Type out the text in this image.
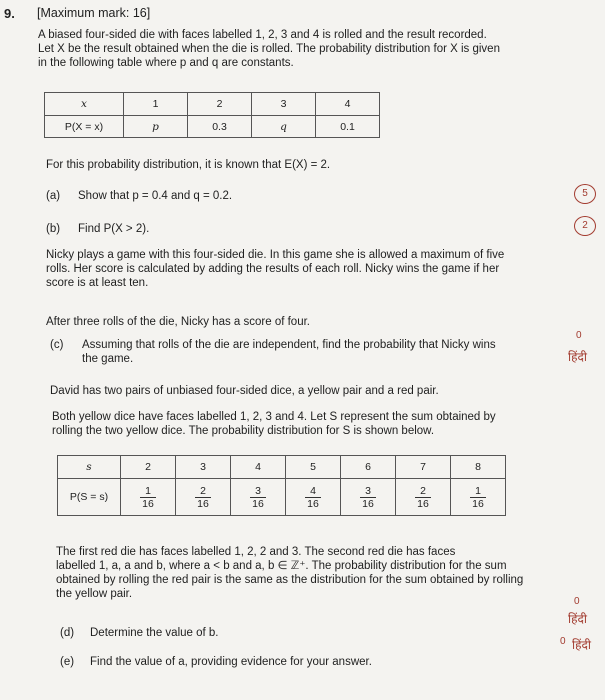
9. [Maximum mark: 16]
A biased four-sided die with faces labelled 1, 2, 3 and 4 is rolled and the result recorded.
Let X be the result obtained when the die is rolled. The probability distribution for X is given
in the following table where p and q are constants.
x	1	2	3	4
P(X = x)	p	0.3	q	0.1
For this probability distribution, it is known that E(X) = 2.
(a) Show that p = 0.4 and q = 0.2.	5
(b) Find P(X > 2).	2
Nicky plays a game with this four-sided die. In this game she is allowed a maximum of five
rolls. Her score is calculated by adding the results of each roll. Nicky wins the game if her
score is at least ten.
After three rolls of the die, Nicky has a score of four.
(c) Assuming that rolls of the die are independent, find the probability that Nicky wins
the game.
0
हिंदी
David has two pairs of unbiased four-sided dice, a yellow pair and a red pair.
Both yellow dice have faces labelled 1, 2, 3 and 4. Let S represent the sum obtained by
rolling the two yellow dice. The probability distribution for S is shown below.
s	2	3	4	5	6	7	8
P(S = s)	$\frac{1}{16}$	$\frac{2}{16}$	$\frac{3}{16}$	$\frac{4}{16}$	$\frac{3}{16}$	$\frac{2}{16}$	$\frac{1}{16}$
The first red die has faces labelled 1, 2, 2 and 3. The second red die has faces
labelled 1, a, a and b, where a < b and a, b ∈ ℤ⁺. The probability distribution for the sum
obtained by rolling the red pair is the same as the distribution for the sum obtained by rolling
the yellow pair.
(d) Determine the value of b.
0
हिंदी
(e) Find the value of a, providing evidence for your answer.
0 हिंदी
